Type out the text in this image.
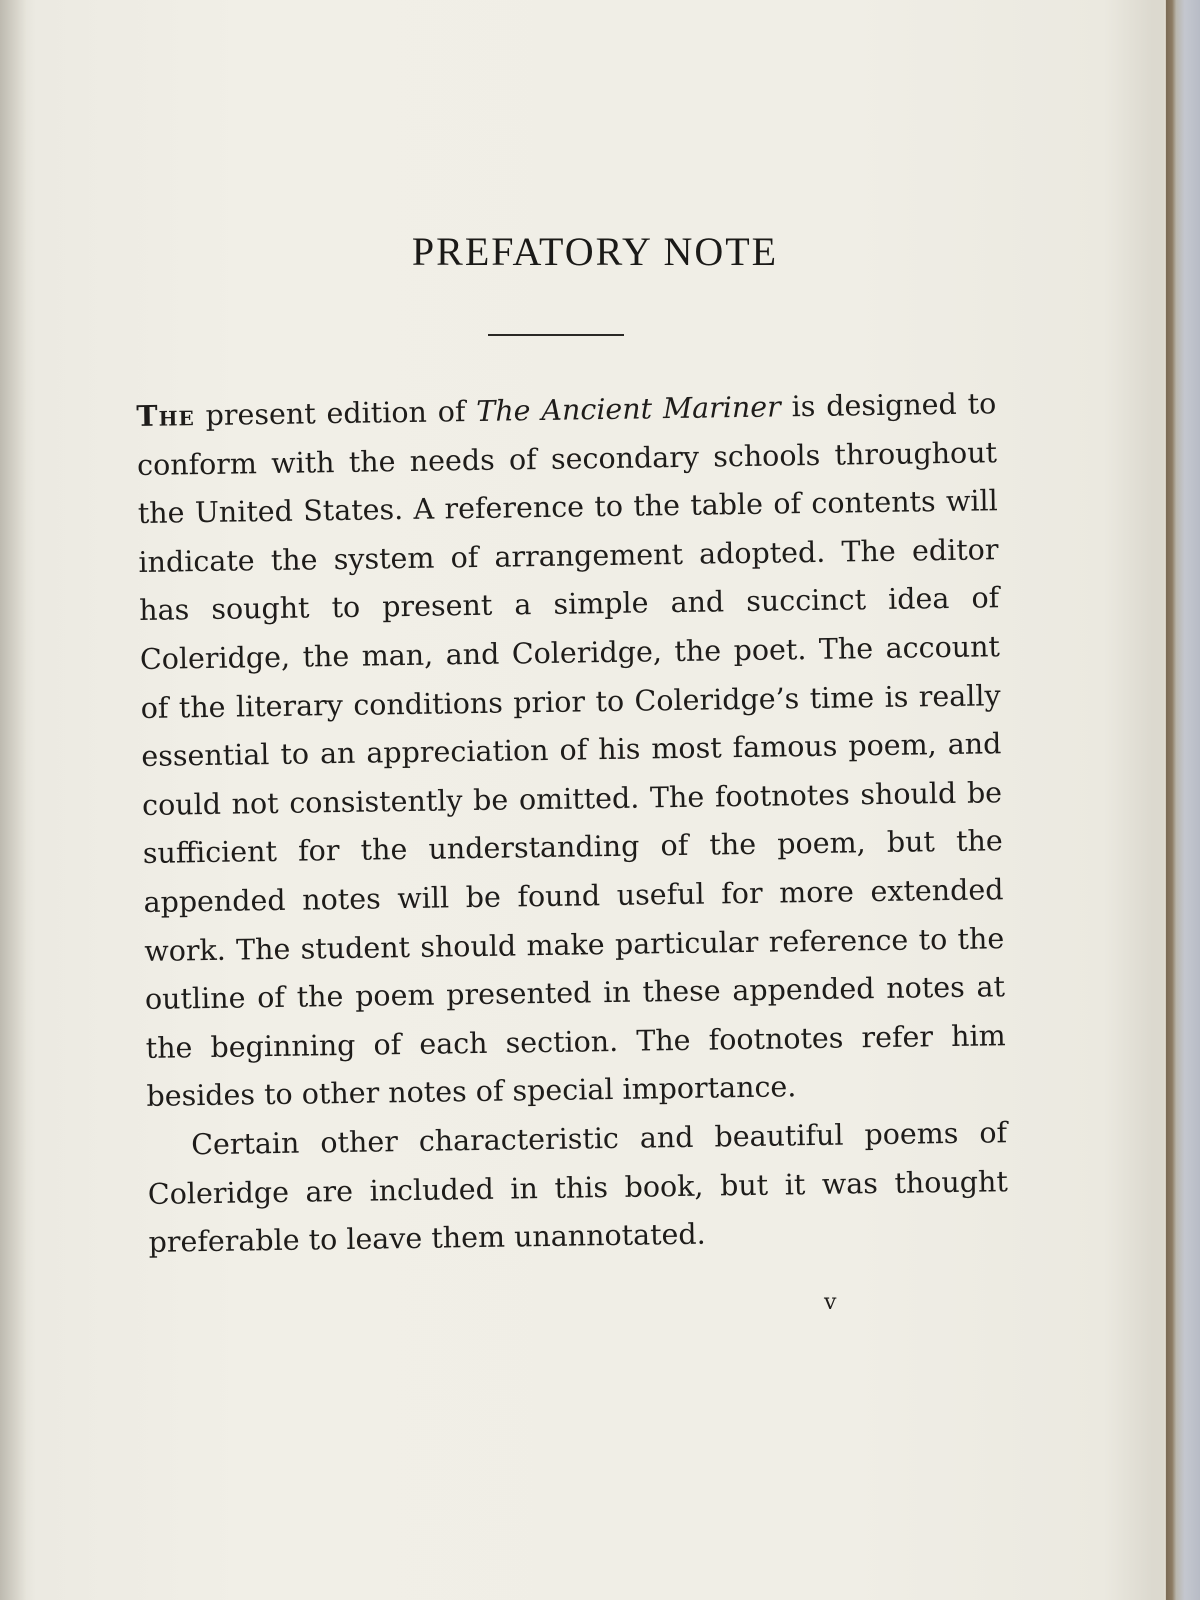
PREFATORY NOTE

The present edition of The Ancient Mariner is designed to conform with the needs of secondary schools throughout the United States. A reference to the table of contents will indicate the system of arrangement adopted. The editor has sought to present a simple and succinct idea of Coleridge, the man, and Coleridge, the poet. The account of the literary conditions prior to Coleridge’s time is really essential to an appreciation of his most famous poem, and could not consistently be omitted. The footnotes should be sufficient for the understanding of the poem, but the appended notes will be found useful for more extended work. The student should make particular reference to the outline of the poem presented in these appended notes at the beginning of each section. The footnotes refer him besides to other notes of special importance.

Certain other characteristic and beautiful poems of Coleridge are included in this book, but it was thought preferable to leave them unannotated.

v
